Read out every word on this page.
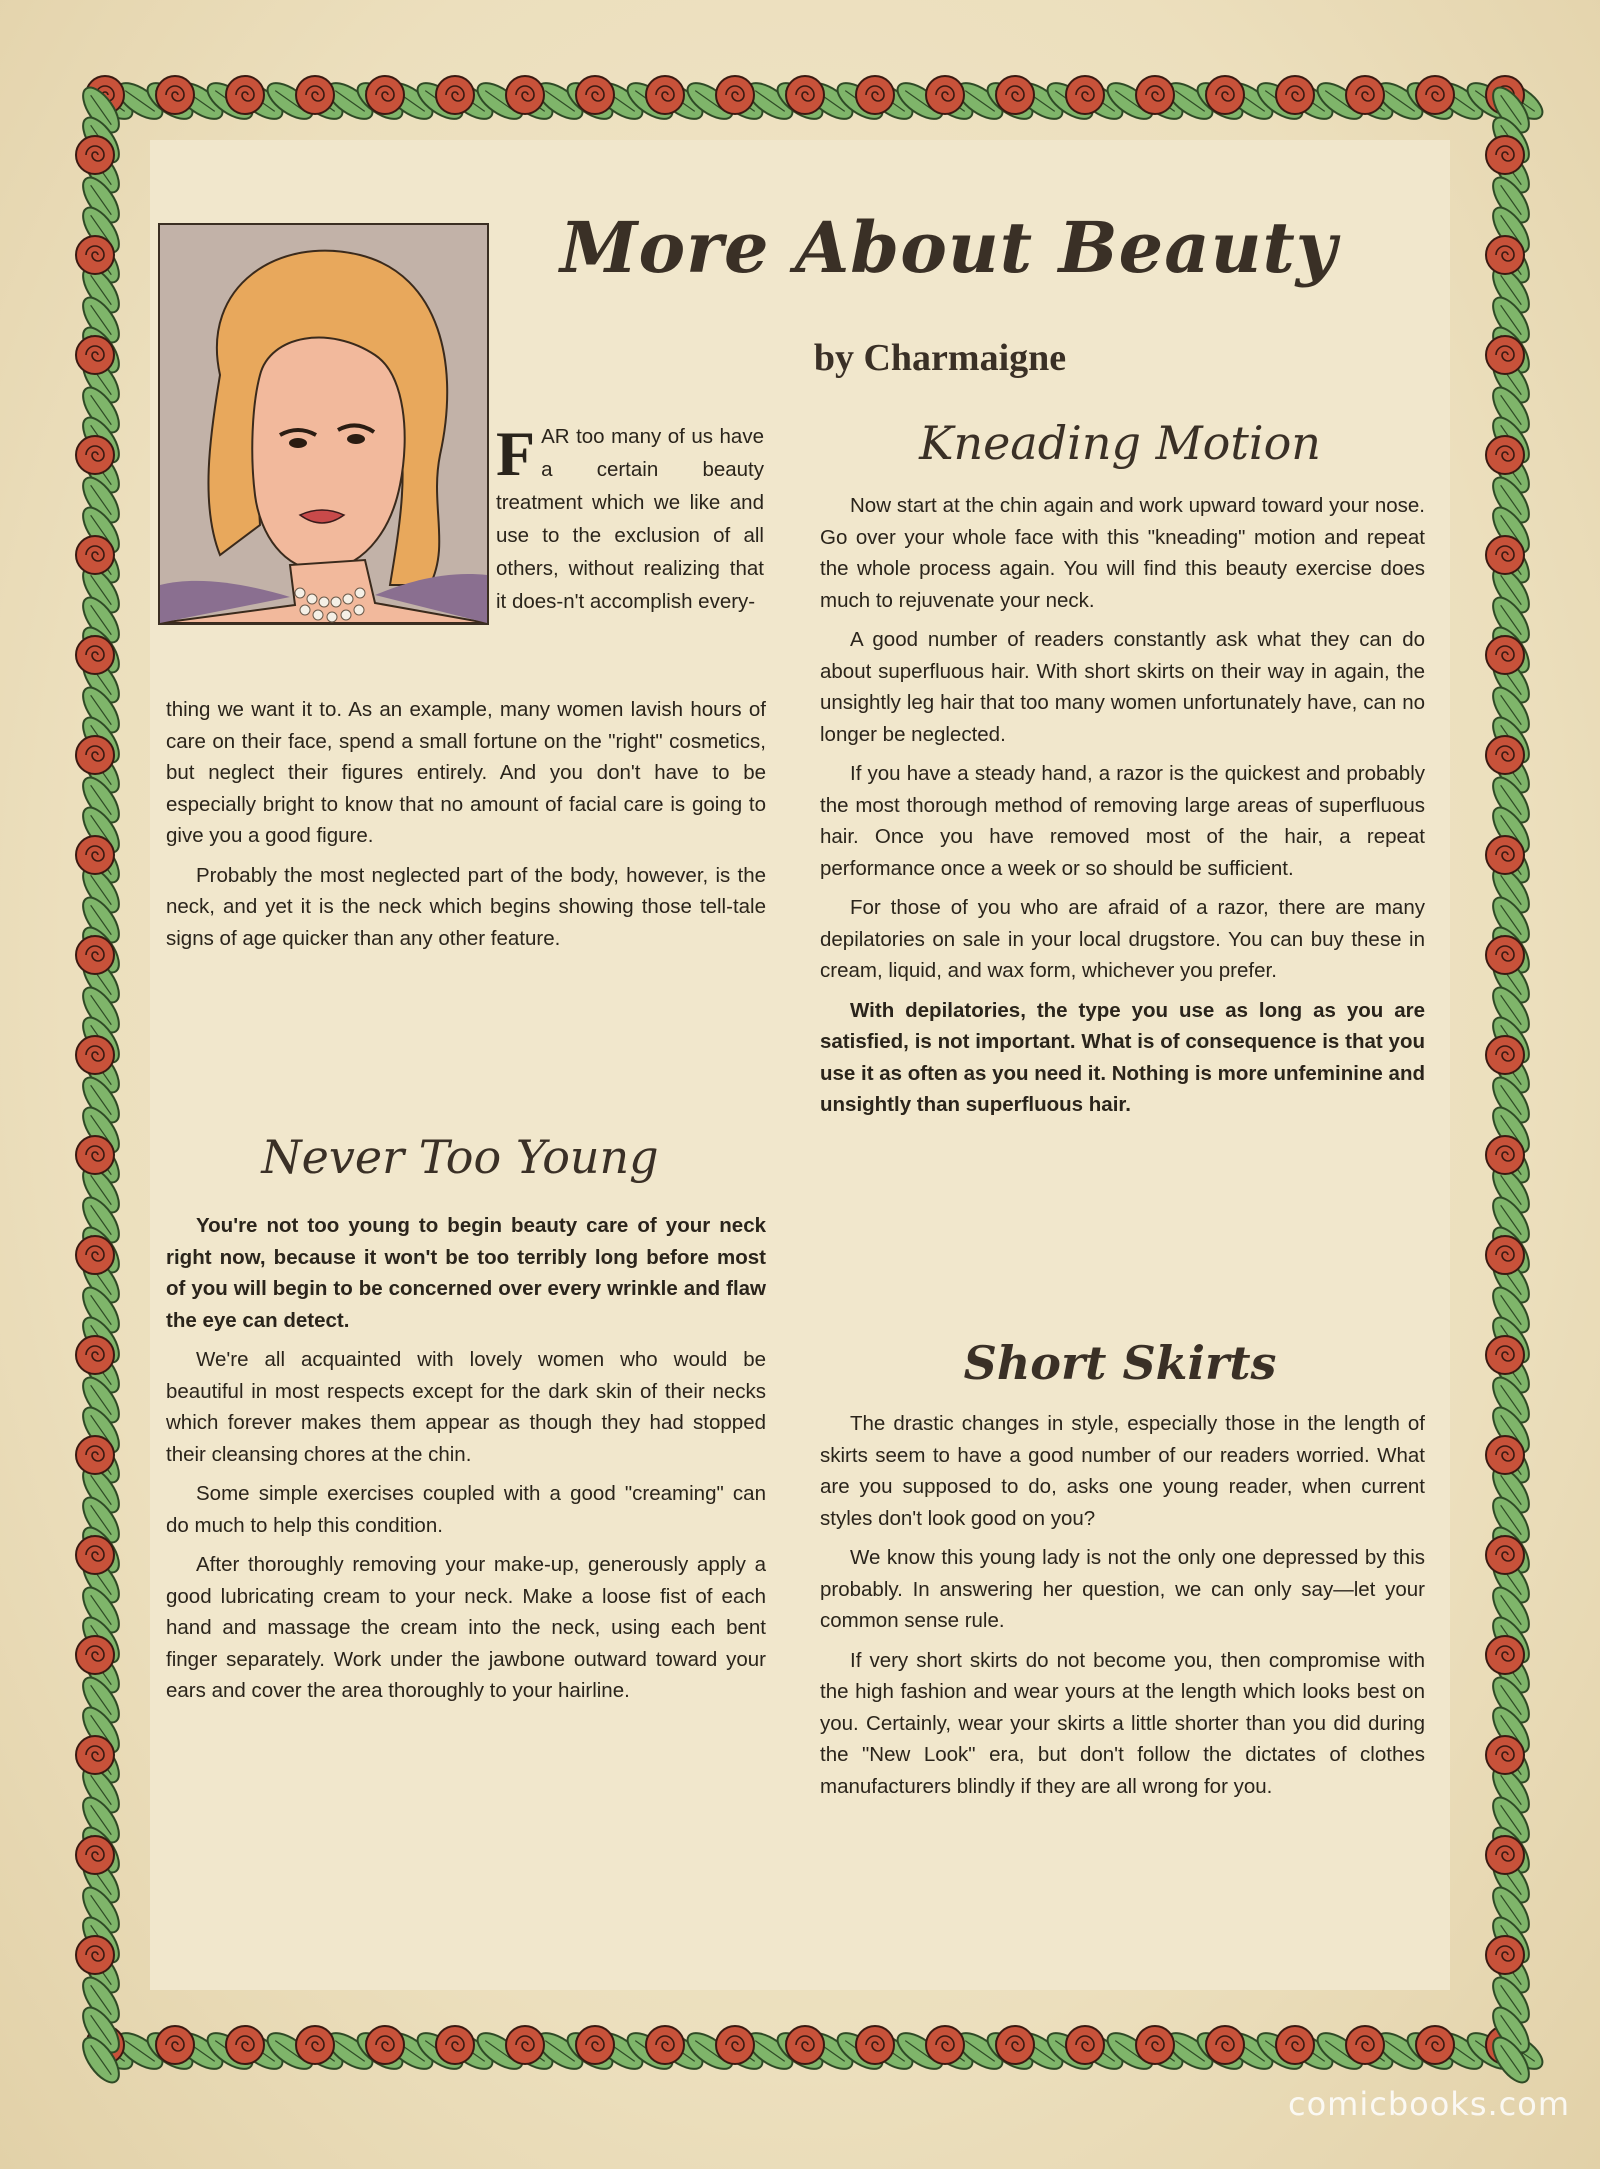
More About Beauty
by Charmaigne
FAR too many of us have a certain beauty treatment which we like and use to the exclusion of all others, without realizing that it does-n't accomplish every-

thing we want it to. As an example, many women lavish hours of care on their face, spend a small fortune on the "right" cosmetics, but neglect their figures entirely. And you don't have to be especially bright to know that no amount of facial care is going to give you a good figure.

Probably the most neglected part of the body, however, is the neck, and yet it is the neck which begins showing those tell-tale signs of age quicker than any other feature.

Never Too Young

You're not too young to begin beauty care of your neck right now, because it won't be too terribly long before most of you will begin to be concerned over every wrinkle and flaw the eye can detect.

We're all acquainted with lovely women who would be beautiful in most respects except for the dark skin of their necks which forever makes them appear as though they had stopped their cleansing chores at the chin.

Some simple exercises coupled with a good "creaming" can do much to help this condition.

After thoroughly removing your make-up, generously apply a good lubricating cream to your neck. Make a loose fist of each hand and massage the cream into the neck, using each bent finger separately. Work under the jawbone outward toward your ears and cover the area thoroughly to your hairline.

Kneading Motion

Now start at the chin again and work upward toward your nose. Go over your whole face with this "kneading" motion and repeat the whole process again. You will find this beauty exercise does much to rejuvenate your neck.

A good number of readers constantly ask what they can do about superfluous hair. With short skirts on their way in again, the unsightly leg hair that too many women unfortunately have, can no longer be neglected.

If you have a steady hand, a razor is the quickest and probably the most thorough method of removing large areas of superfluous hair. Once you have removed most of the hair, a repeat performance once a week or so should be sufficient.

For those of you who are afraid of a razor, there are many depilatories on sale in your local drugstore. You can buy these in cream, liquid, and wax form, whichever you prefer.

With depilatories, the type you use as long as you are satisfied, is not important. What is of consequence is that you use it as often as you need it. Nothing is more unfeminine and unsightly than superfluous hair.

Short Skirts

The drastic changes in style, especially those in the length of skirts seem to have a good number of our readers worried. What are you supposed to do, asks one young reader, when current styles don't look good on you?

We know this young lady is not the only one depressed by this probably. In answering her question, we can only say—let your common sense rule.

If very short skirts do not become you, then compromise with the high fashion and wear yours at the length which looks best on you. Certainly, wear your skirts a little shorter than you did during the "New Look" era, but don't follow the dictates of clothes manufacturers blindly if they are all wrong for you.

comicbooks.com
